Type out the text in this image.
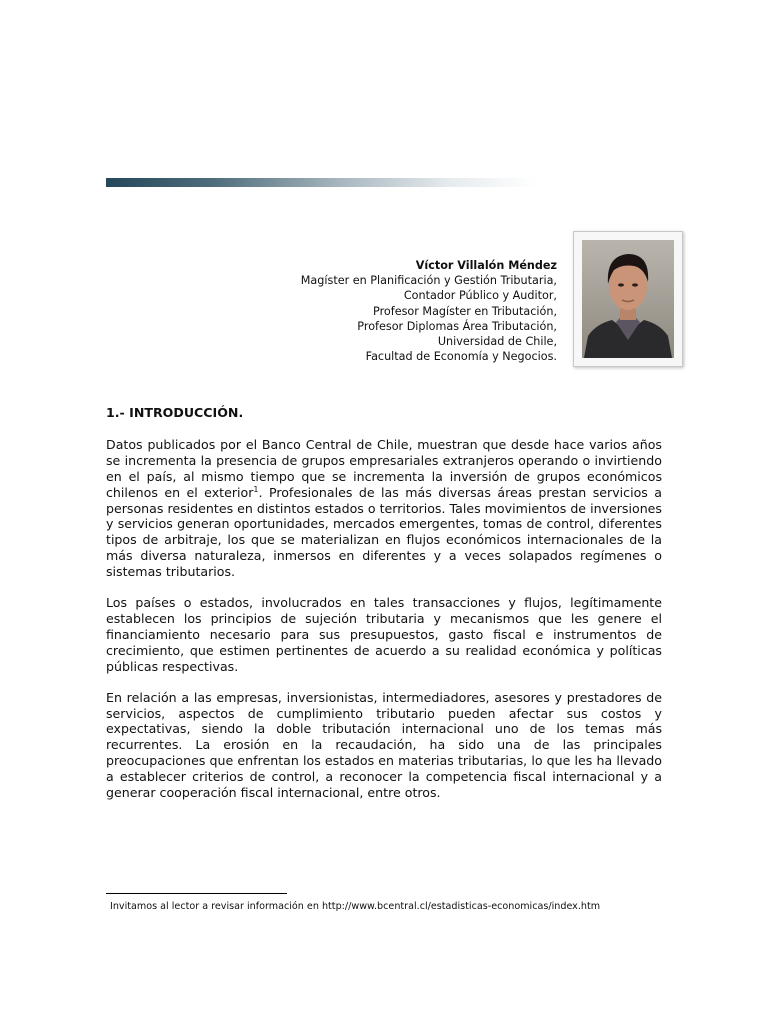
Víctor Villalón Méndez
Magíster en Planificación y Gestión Tributaria,
Contador Público y Auditor,
Profesor Magíster en Tributación,
Profesor Diplomas Área Tributación,
Universidad de Chile,
Facultad de Economía y Negocios.
1.- INTRODUCCIÓN.

Datos publicados por el Banco Central de Chile, muestran que desde hace varios años se incrementa la presencia de grupos empresariales extranjeros operando o invirtiendo en el país, al mismo tiempo que se incrementa la inversión de grupos económicos chilenos en el exterior$^1$. Profesionales de las más diversas áreas prestan servicios a personas residentes en distintos estados o territorios. Tales movimientos de inversiones y servicios generan oportunidades, mercados emergentes, tomas de control, diferentes tipos de arbitraje, los que se materializan en flujos económicos internacionales de la más diversa naturaleza, inmersos en diferentes y a veces solapados regímenes o sistemas tributarios.

Los países o estados, involucrados en tales transacciones y flujos, legítimamente establecen los principios de sujeción tributaria y mecanismos que les genere el financiamiento necesario para sus presupuestos, gasto fiscal e instrumentos de crecimiento, que estimen pertinentes de acuerdo a su realidad económica y políticas públicas respectivas.

En relación a las empresas, inversionistas, intermediadores, asesores y prestadores de servicios, aspectos de cumplimiento tributario pueden afectar sus costos y expectativas, siendo la doble tributación internacional uno de los temas más recurrentes. La erosión en la recaudación, ha sido una de las principales preocupaciones que enfrentan los estados en materias tributarias, lo que les ha llevado a establecer criterios de control, a reconocer la competencia fiscal internacional y a generar cooperación fiscal internacional, entre otros.

Invitamos al lector a revisar información en http://www.bcentral.cl/estadisticas-economicas/index.htm
